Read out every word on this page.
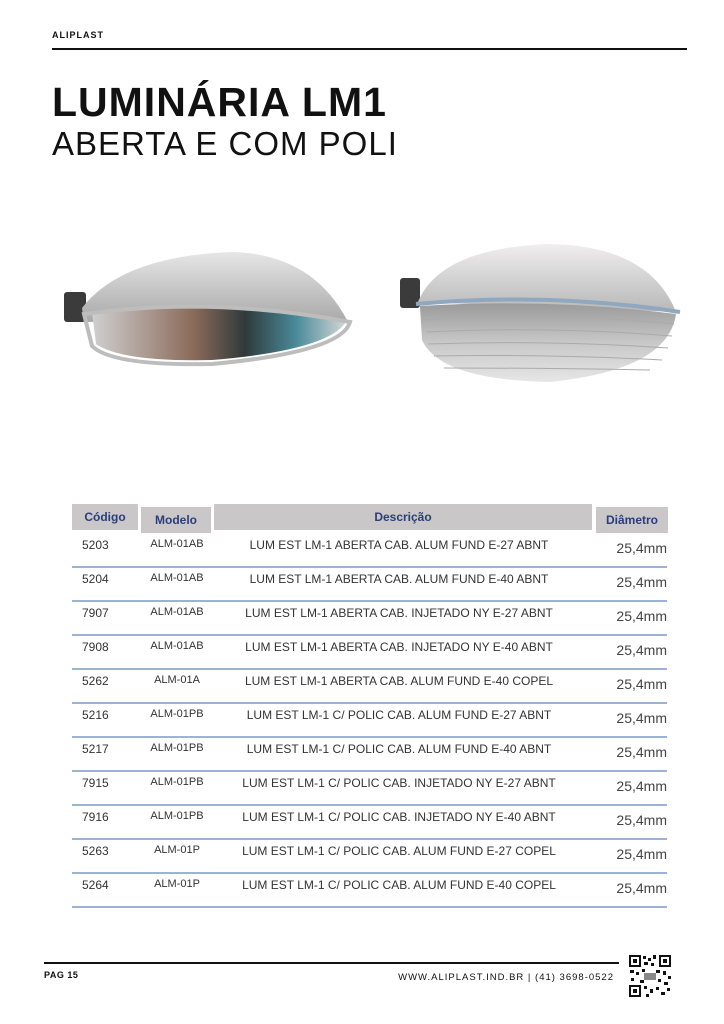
ALIPLAST
LUMINÁRIA LM1
ABERTA E COM POLI
Código	Modelo	Descrição	Diâmetro
5203	ALM-01AB	LUM EST LM-1 ABERTA CAB. ALUM FUND E-27 ABNT	25,4mm
5204	ALM-01AB	LUM EST LM-1 ABERTA CAB. ALUM FUND E-40 ABNT	25,4mm
7907	ALM-01AB	LUM EST LM-1 ABERTA CAB. INJETADO NY E-27 ABNT	25,4mm
7908	ALM-01AB	LUM EST LM-1 ABERTA CAB. INJETADO NY E-40 ABNT	25,4mm
5262	ALM-01A	LUM EST LM-1 ABERTA CAB. ALUM FUND E-40 COPEL	25,4mm
5216	ALM-01PB	LUM EST LM-1 C/ POLIC CAB. ALUM FUND E-27 ABNT	25,4mm
5217	ALM-01PB	LUM EST LM-1 C/ POLIC CAB. ALUM FUND E-40 ABNT	25,4mm
7915	ALM-01PB	LUM EST LM-1 C/ POLIC CAB. INJETADO NY E-27 ABNT	25,4mm
7916	ALM-01PB	LUM EST LM-1 C/ POLIC CAB. INJETADO NY E-40 ABNT	25,4mm
5263	ALM-01P	LUM EST LM-1 C/ POLIC CAB. ALUM FUND E-27 COPEL	25,4mm
5264	ALM-01P	LUM EST LM-1 C/ POLIC CAB. ALUM FUND E-40 COPEL	25,4mm
PAG 15	WWW.ALIPLAST.IND.BR | (41) 3698-0522
